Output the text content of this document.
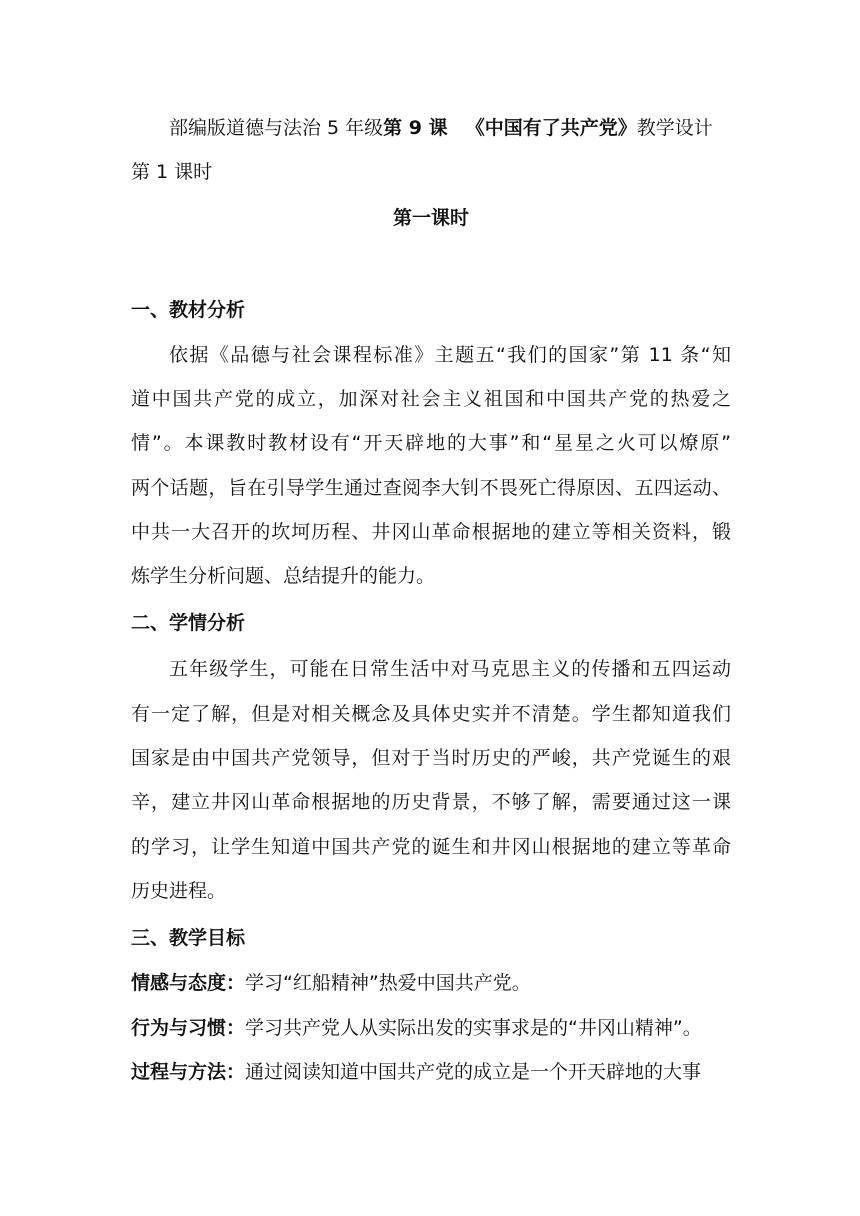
部编版道德与法治 5 年级第 9 课 《中国有了共产党》教学设计
第 1 课时
第一课时
一、教材分析
依据《品德与社会课程标准》主题五“我们的国家”第 11 条“知
道中国共产党的成立，加深对社会主义祖国和中国共产党的热爱之
情”。本课教时教材设有“开天辟地的大事”和“星星之火可以燎原”
两个话题，旨在引导学生通过查阅李大钊不畏死亡得原因、五四运动、
中共一大召开的坎坷历程、井冈山革命根据地的建立等相关资料，锻
炼学生分析问题、总结提升的能力。
二、学情分析
五年级学生，可能在日常生活中对马克思主义的传播和五四运动
有一定了解，但是对相关概念及具体史实并不清楚。学生都知道我们
国家是由中国共产党领导，但对于当时历史的严峻，共产党诞生的艰
辛，建立井冈山革命根据地的历史背景，不够了解，需要通过这一课
的学习，让学生知道中国共产党的诞生和井冈山根据地的建立等革命
历史进程。
三、教学目标
情感与态度：学习“红船精神”热爱中国共产党。
行为与习惯：学习共产党人从实际出发的实事求是的“井冈山精神”。
过程与方法：通过阅读知道中国共产党的成立是一个开天辟地的大事
